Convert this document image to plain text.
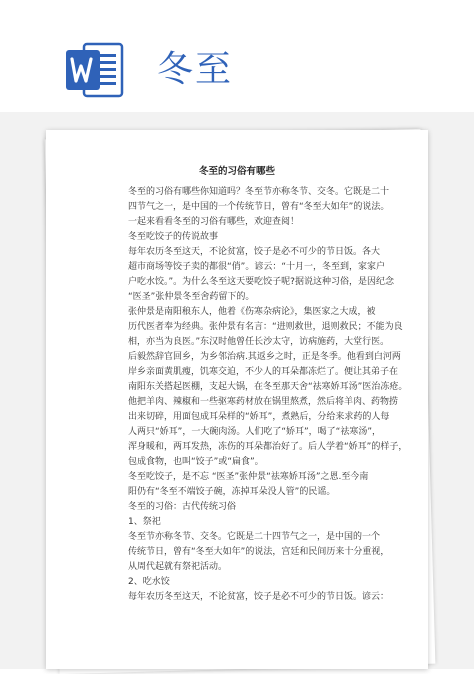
冬至
冬至的习俗有哪些
冬至的习俗有哪些你知道吗？冬至节亦称冬节、交冬。它既是二十
四节气之一，是中国的一个传统节日，曾有“冬至大如年”的说法。
一起来看看冬至的习俗有哪些，欢迎查阅！
冬至吃饺子的传说故事
每年农历冬至这天，不论贫富，饺子是必不可少的节日饭。各大
超市商场等饺子卖的都很“俏”。谚云：“十月一，冬至到，家家户
户吃水饺。”。为什么冬至这天要吃饺子呢?据说这种习俗，是因纪念
“医圣”张仲景冬至舍药留下的。
张仲景是南阳稂东人，他着《伤寒杂病论》，集医家之大成，被
历代医者奉为经典。张仲景有名言：“进则救世，退则救民；不能为良
相，亦当为良医。”东汉时他曾任长沙太守，访病施药，大堂行医。
后毅然辞官回乡，为乡邻治病.其返乡之时，正是冬季。他看到白河两
岸乡亲面黄肌瘦，饥寒交迫，不少人的耳朵都冻烂了。便让其弟子在
南阳东关搭起医棚，支起大锅，在冬至那天舍“祛寒娇耳汤”医治冻疮。
他把羊肉、辣椒和一些驱寒药材放在锅里熬煮，然后将羊肉、药物捞
出来切碎，用面包成耳朵样的“娇耳”，煮熟后，分给来求药的人每
人两只“娇耳”，一大碗肉汤。人们吃了“娇耳”，喝了“祛寒汤”，
浑身暖和，两耳发热，冻伤的耳朵都治好了。后人学着“娇耳”的样子，
包成食物，也叫“饺子”或“扁食”。
冬至吃饺子，是不忘 “医圣”张仲景“祛寒娇耳汤”之恩.至今南
阳仍有“冬至不端饺子碗，冻掉耳朵没人管”的民谣。
冬至的习俗：古代传统习俗
1、祭祀
冬至节亦称冬节、交冬。它既是二十四节气之一，是中国的一个
传统节日，曾有“冬至大如年”的说法，宫廷和民间历来十分重视，
从周代起就有祭祀活动。
2、吃水饺
每年农历冬至这天，不论贫富，饺子是必不可少的节日饭。谚云：
